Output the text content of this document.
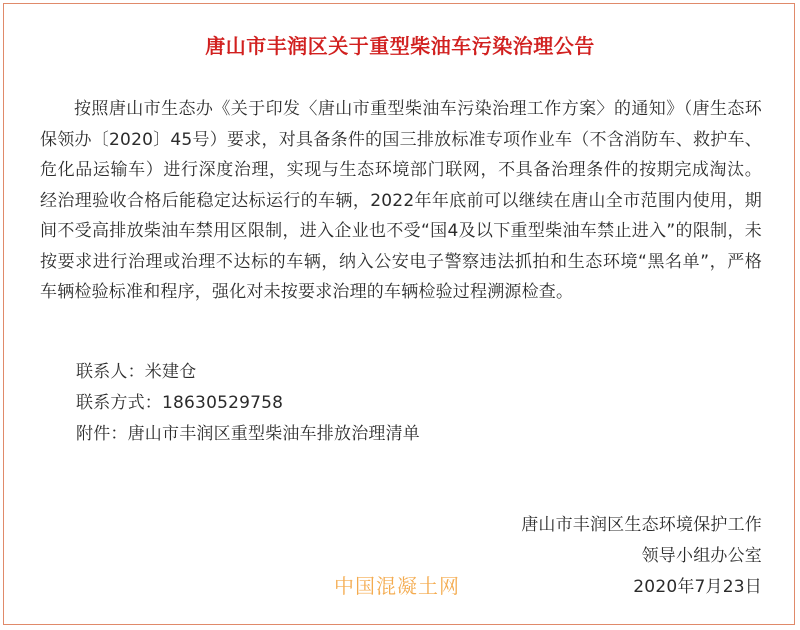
唐山市丰润区关于重型柴油车污染治理公告
按照唐山市生态办《关于印发〈唐山市重型柴油车污染治理工作方案〉的通知》（唐生态环保领办〔2020〕45号）要求，对具备条件的国三排放标准专项作业车（不含消防车、救护车、危化品运输车）进行深度治理，实现与生态环境部门联网，不具备治理条件的按期完成淘汰。经治理验收合格后能稳定达标运行的车辆，2022年年底前可以继续在唐山全市范围内使用，期间不受高排放柴油车禁用区限制，进入企业也不受“国4及以下重型柴油车禁止进入”的限制，未按要求进行治理或治理不达标的车辆，纳入公安电子警察违法抓拍和生态环境“黑名单”，严格车辆检验标准和程序，强化对未按要求治理的车辆检验过程溯源检查。
联系人：米建仓
联系方式：18630529758
附件：唐山市丰润区重型柴油车排放治理清单
唐山市丰润区生态环境保护工作
领导小组办公室
2020年7月23日
中国混凝土网
